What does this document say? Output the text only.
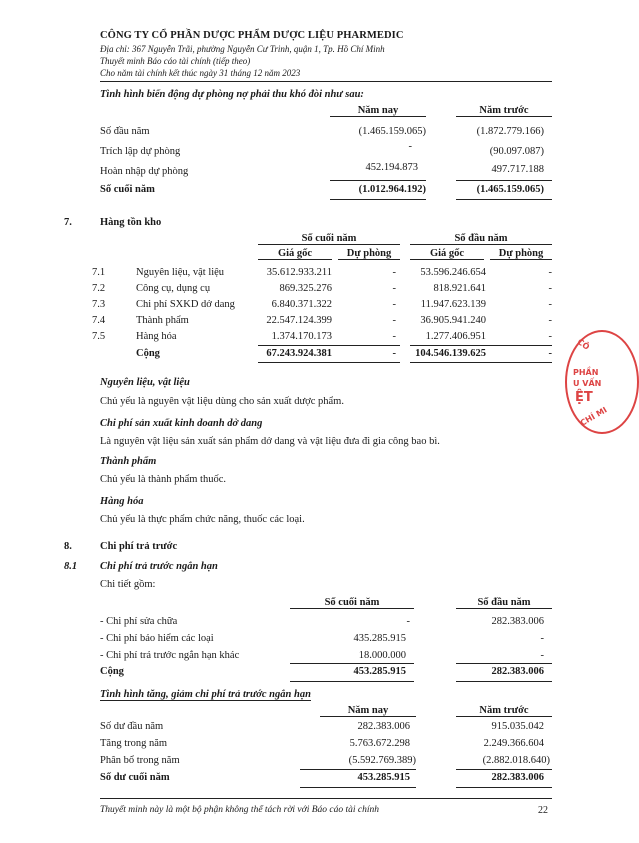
CÔNG TY CỔ PHẦN DƯỢC PHẨM DƯỢC LIỆU PHARMEDIC
Địa chỉ: 367 Nguyễn Trãi, phường Nguyễn Cư Trinh, quận 1, Tp. Hồ Chí Minh
Thuyết minh Báo cáo tài chính (tiếp theo)
Cho năm tài chính kết thúc ngày 31 tháng 12 năm 2023
Tình hình biến động dự phòng nợ phải thu khó đòi như sau:
Năm nay	Năm trước
Số đầu năm	(1.465.159.065)	(1.872.779.166)
Trích lập dự phòng	-	(90.097.087)
Hoàn nhập dự phòng	452.194.873	497.717.188
Số cuối năm	(1.012.964.192)	(1.465.159.065)
7.	Hàng tồn kho
Số cuối năm	Số đầu năm
Giá gốc	Dự phòng	Giá gốc	Dự phòng
7.1	Nguyên liệu, vật liệu	35.612.933.211	-	53.596.246.654	-
7.2	Công cụ, dụng cụ	869.325.276	-	818.921.641	-
7.3	Chi phí SXKD dở dang	6.840.371.322	-	11.947.623.139	-
7.4	Thành phẩm	22.547.124.399	-	36.905.941.240	-
7.5	Hàng hóa	1.374.170.173	-	1.277.406.951	-
Cộng	67.243.924.381	-	104.546.139.625	-
Nguyên liệu, vật liệu
Chủ yếu là nguyên vật liệu dùng cho sản xuất dược phẩm.
Chi phí sản xuất kinh doanh dở dang
Là nguyên vật liệu sản xuất sản phẩm dở dang và vật liệu đưa đi gia công bao bì.
Thành phẩm
Chủ yếu là thành phẩm thuốc.
Hàng hóa
Chủ yếu là thực phẩm chức năng, thuốc các loại.
8.	Chi phí trả trước
8.1 Chi phí trả trước ngắn hạn
Chi tiết gồm:
Số cuối năm	Số đầu năm
- Chi phí sửa chữa	-	282.383.006
- Chi phí bảo hiểm các loại	435.285.915	-
- Chi phí trả trước ngắn hạn khác	18.000.000	-
Cộng	453.285.915	282.383.006
Tình hình tăng, giảm chi phí trả trước ngắn hạn
Năm nay	Năm trước
Số dư đầu năm	282.383.006	915.035.042
Tăng trong năm	5.763.672.298	2.249.366.604
Phân bổ trong năm	(5.592.769.389)	(2.882.018.640)
Số dư cuối năm	453.285.915	282.383.006
Thuyết minh này là một bộ phận không thể tách rời với Báo cáo tài chính	22
CÔ
PHẦN
U VẤN
ỆT
CHÍ MI
